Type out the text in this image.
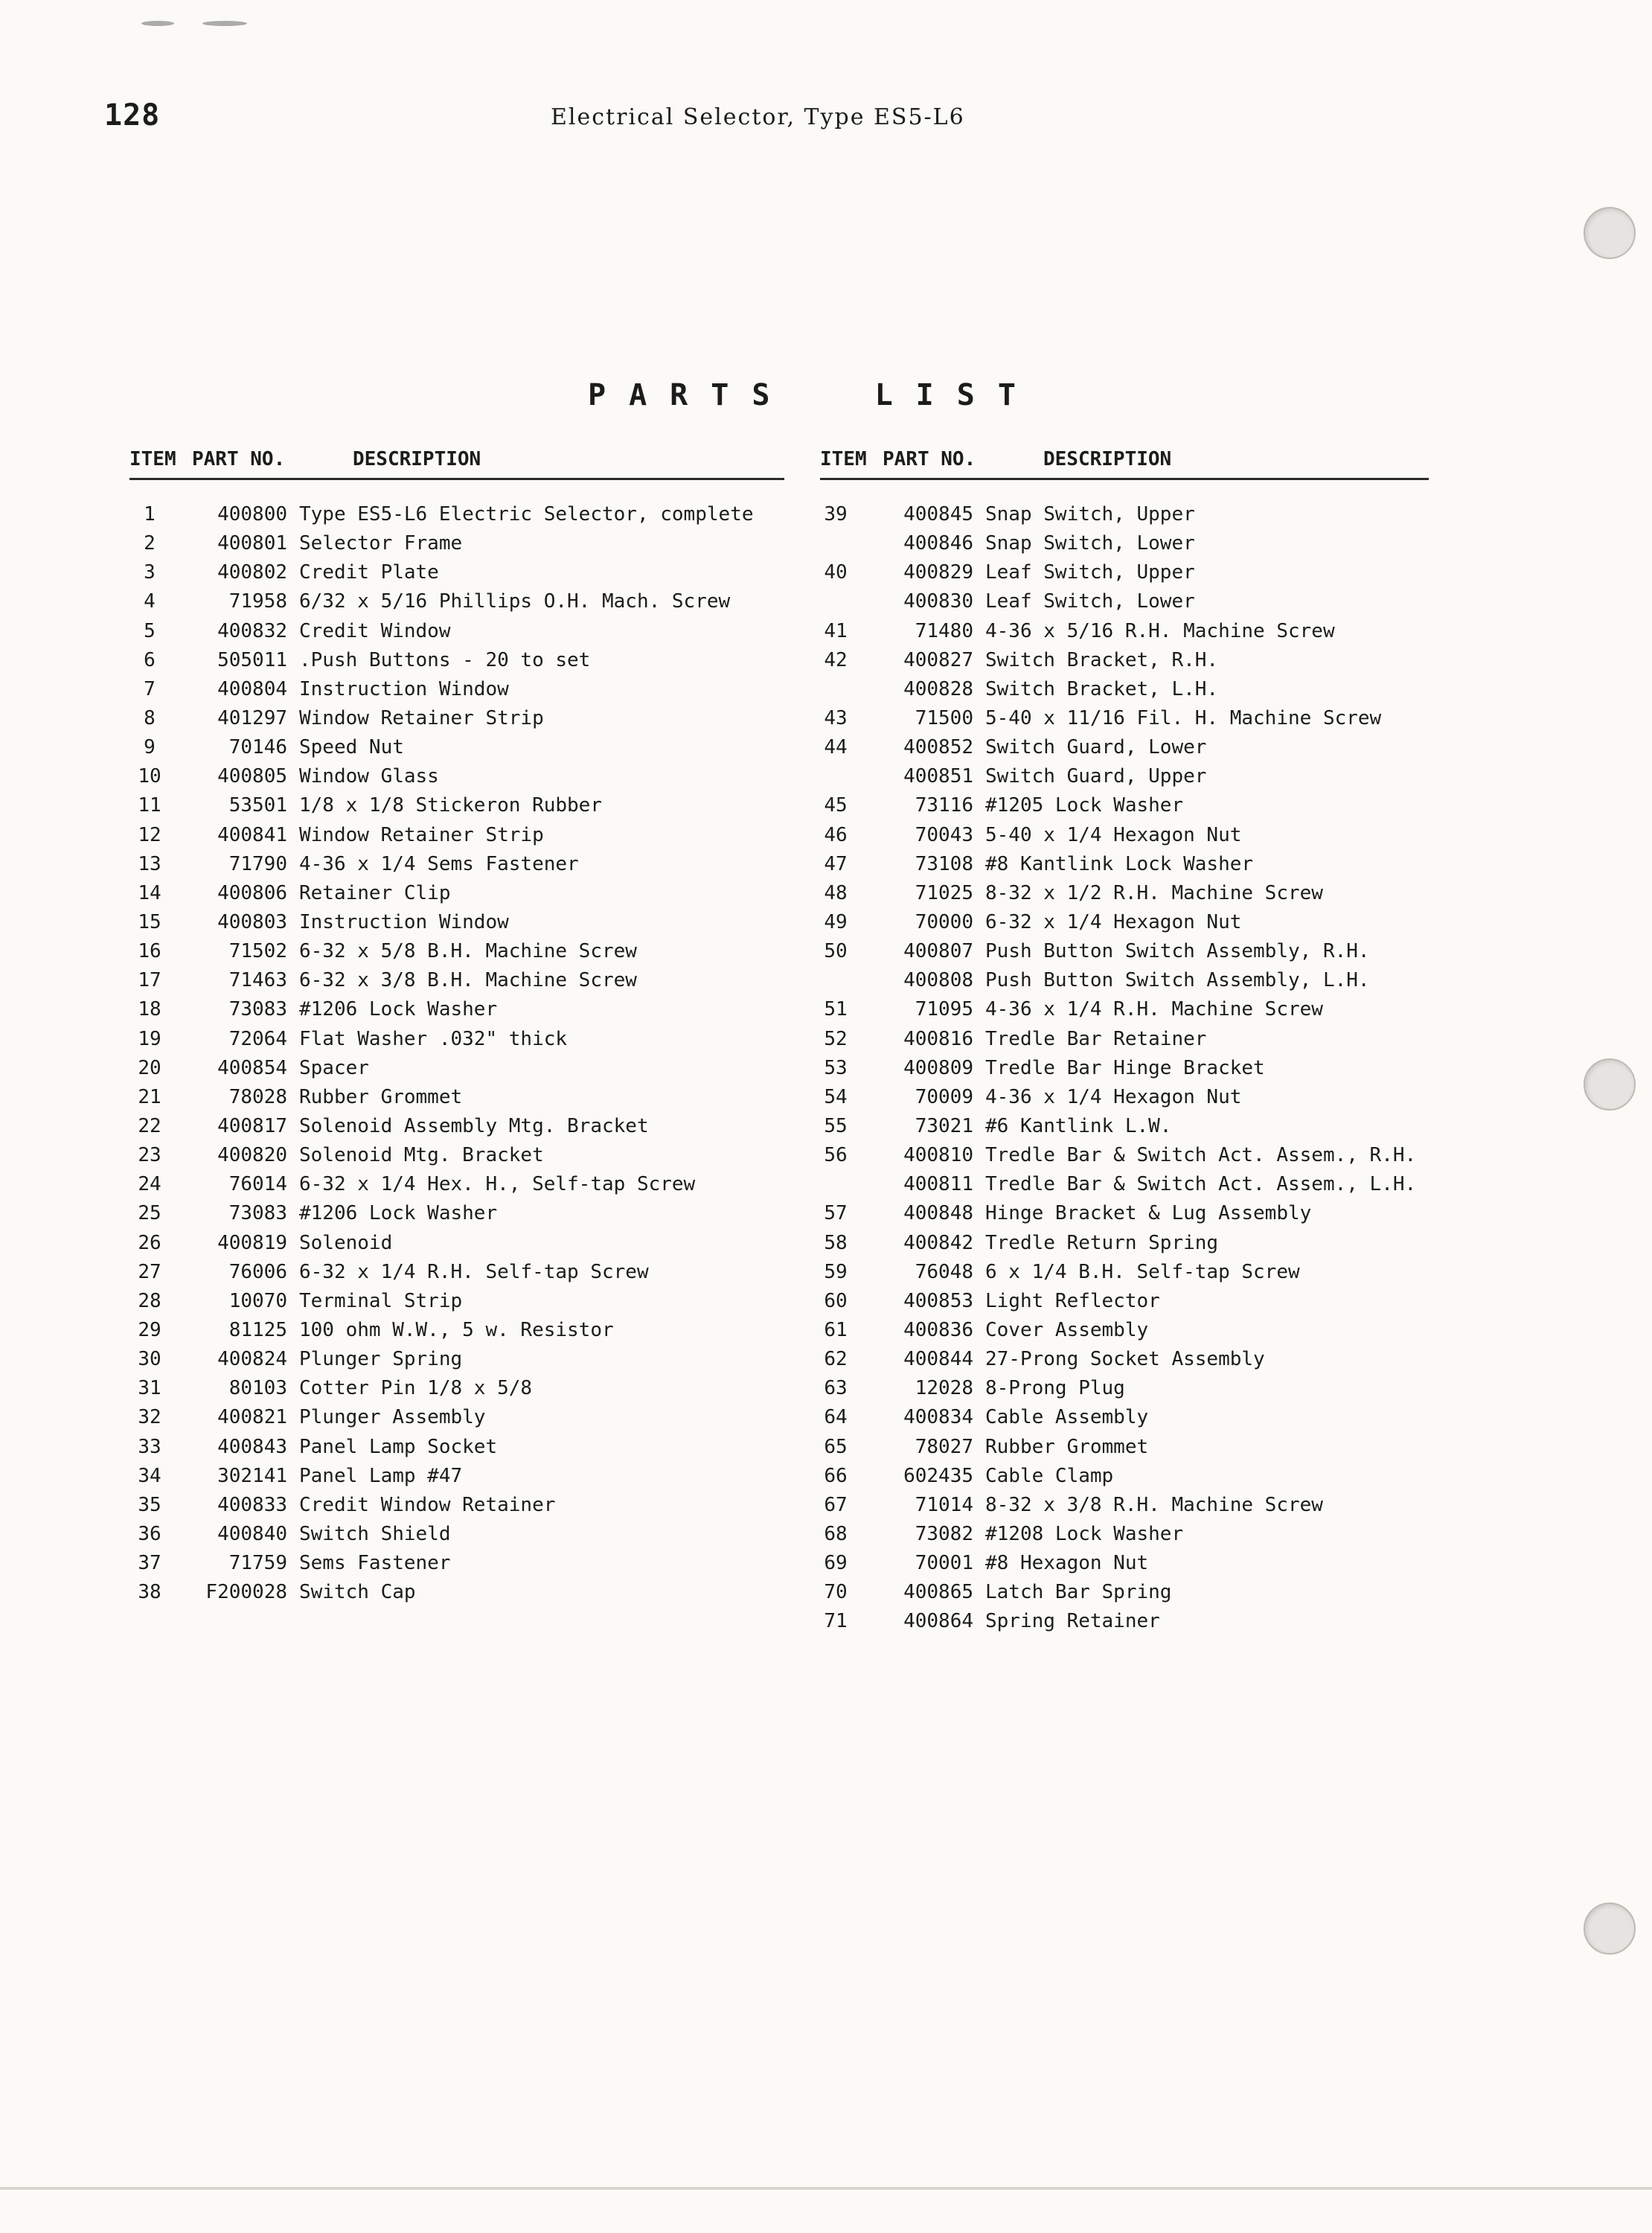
128	Electrical Selector, Type ES5-L6
PARTS  LIST
ITEM PART NO.	DESCRIPTION	ITEM PART NO.	DESCRIPTION
1	400800 Type ES5-L6 Electric Selector, complete
2	400801 Selector Frame
3	400802 Credit Plate
4	71958 6/32 x 5/16 Phillips O.H. Mach. Screw
5	400832 Credit Window
6	505011 .Push Buttons - 20 to set
7	400804 Instruction Window
8	401297 Window Retainer Strip
9	70146 Speed Nut
10	400805 Window Glass
11	53501 1/8 x 1/8 Stickeron Rubber
12	400841 Window Retainer Strip
13	71790 4-36 x 1/4 Sems Fastener
14	400806 Retainer Clip
15	400803 Instruction Window
16	71502 6-32 x 5/8 B.H. Machine Screw
17	71463 6-32 x 3/8 B.H. Machine Screw
18	73083 #1206 Lock Washer
19	72064 Flat Washer .032" thick
20	400854 Spacer
21	78028 Rubber Grommet
22	400817 Solenoid Assembly Mtg. Bracket
23	400820 Solenoid Mtg. Bracket
24	76014 6-32 x 1/4 Hex. H., Self-tap Screw
25	73083 #1206 Lock Washer
26	400819 Solenoid
27	76006 6-32 x 1/4 R.H. Self-tap Screw
28	10070 Terminal Strip
29	81125 100 ohm W.W., 5 w. Resistor
30	400824 Plunger Spring
31	80103 Cotter Pin 1/8 x 5/8
32	400821 Plunger Assembly
33	400843 Panel Lamp Socket
34	302141 Panel Lamp #47
35	400833 Credit Window Retainer
36	400840 Switch Shield
37	71759 Sems Fastener
38	F200028 Switch Cap
39	400845 Snap Switch, Upper
400846 Snap Switch, Lower
40	400829 Leaf Switch, Upper
400830 Leaf Switch, Lower
41	71480 4-36 x 5/16 R.H. Machine Screw
42	400827 Switch Bracket, R.H.
400828 Switch Bracket, L.H.
43	71500 5-40 x 11/16 Fil. H. Machine Screw
44	400852 Switch Guard, Lower
400851 Switch Guard, Upper
45	73116 #1205 Lock Washer
46	70043 5-40 x 1/4 Hexagon Nut
47	73108 #8 Kantlink Lock Washer
48	71025 8-32 x 1/2 R.H. Machine Screw
49	70000 6-32 x 1/4 Hexagon Nut
50	400807 Push Button Switch Assembly, R.H.
400808 Push Button Switch Assembly, L.H.
51	71095 4-36 x 1/4 R.H. Machine Screw
52	400816 Tredle Bar Retainer
53	400809 Tredle Bar Hinge Bracket
54	70009 4-36 x 1/4 Hexagon Nut
55	73021 #6 Kantlink L.W.
56	400810 Tredle Bar & Switch Act. Assem., R.H.
400811 Tredle Bar & Switch Act. Assem., L.H.
57	400848 Hinge Bracket & Lug Assembly
58	400842 Tredle Return Spring
59	76048 6 x 1/4 B.H. Self-tap Screw
60	400853 Light Reflector
61	400836 Cover Assembly
62	400844 27-Prong Socket Assembly
63	12028 8-Prong Plug
64	400834 Cable Assembly
65	78027 Rubber Grommet
66	602435 Cable Clamp
67	71014 8-32 x 3/8 R.H. Machine Screw
68	73082 #1208 Lock Washer
69	70001 #8 Hexagon Nut
70	400865 Latch Bar Spring
71	400864 Spring Retainer
